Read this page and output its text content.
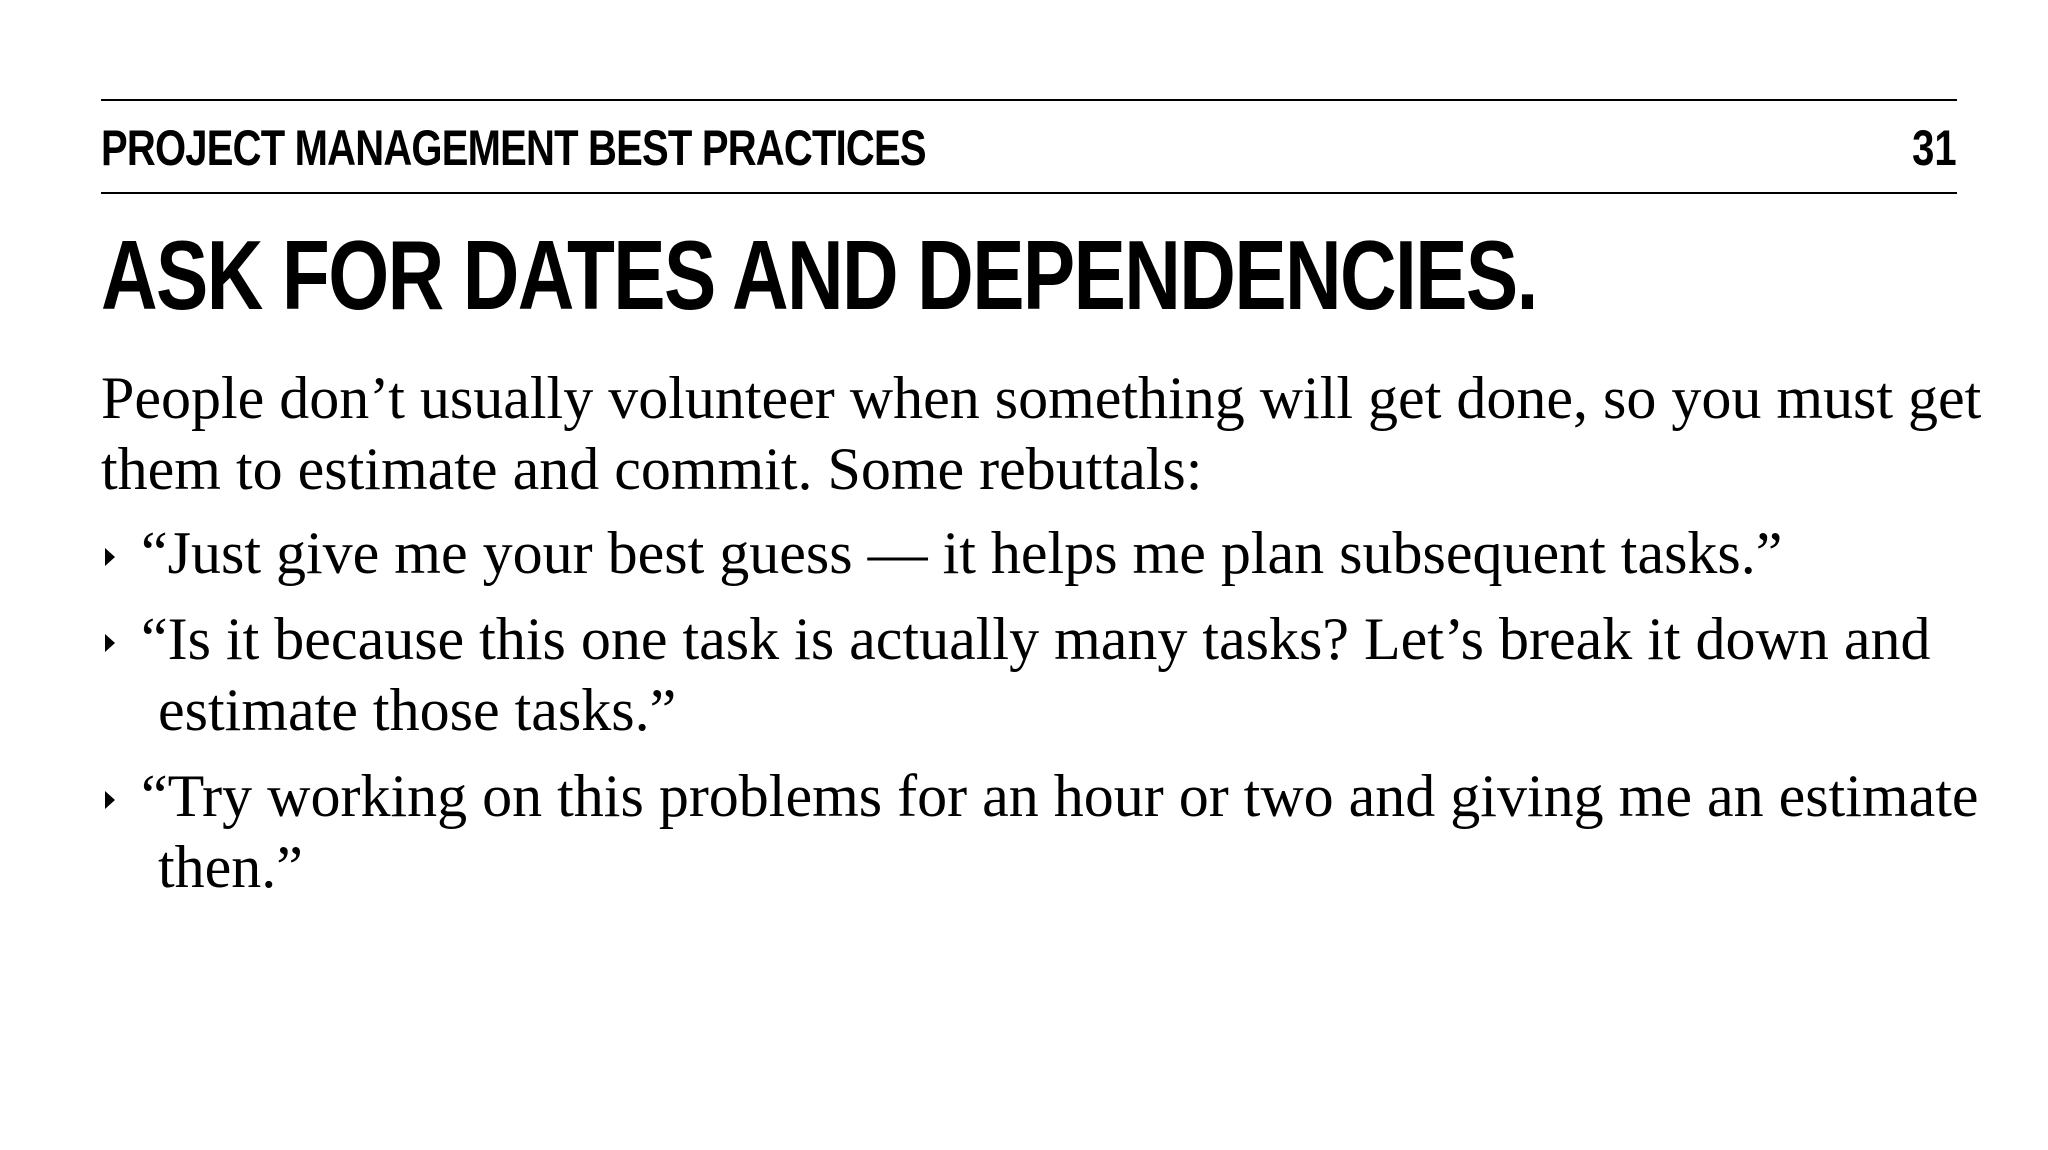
PROJECT MANAGEMENT BEST PRACTICES	31
ASK FOR DATES AND DEPENDENCIES.

People don’t usually volunteer when something will get done, so you must get them to estimate and commit. Some rebuttals:

“Just give me your best guess — it helps me plan subsequent tasks.”
“Is it because this one task is actually many tasks? Let’s break it down and estimate those tasks.”
“Try working on this problems for an hour or two and giving me an estimate then.”
